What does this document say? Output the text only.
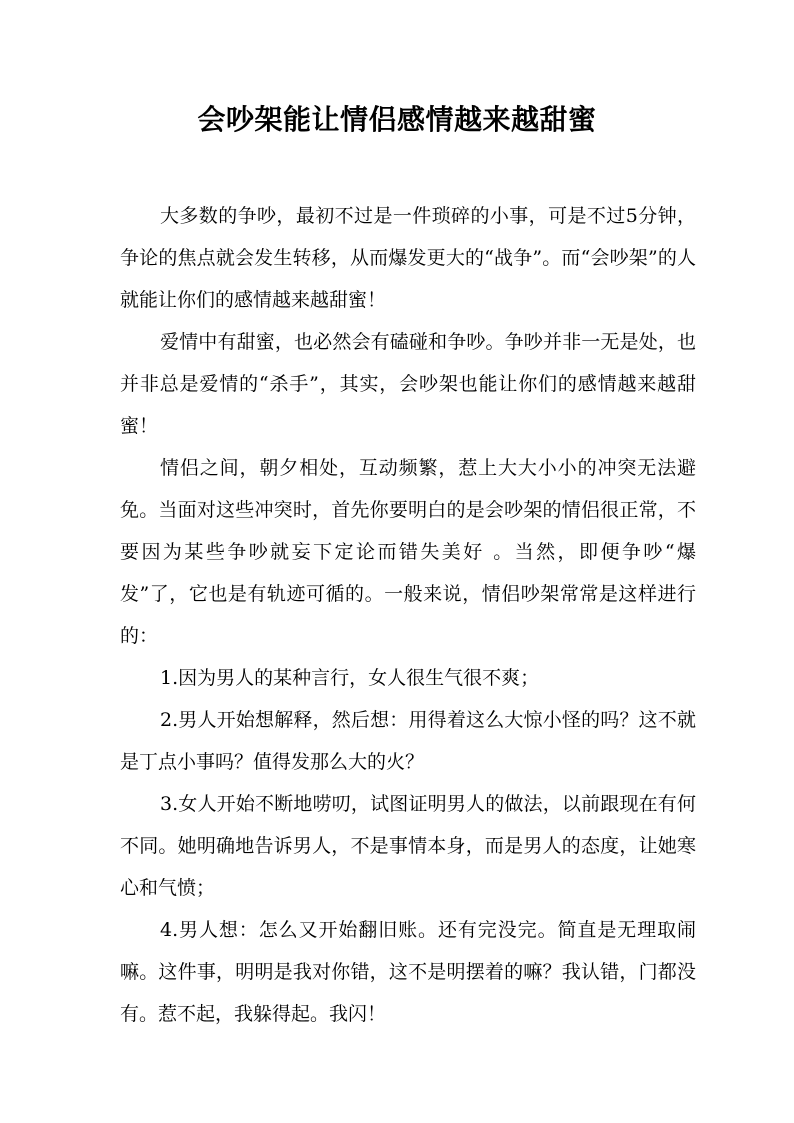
会吵架能让情侣感情越来越甜蜜

大多数的争吵，最初不过是一件琐碎的小事，可是不过5分钟，争论的焦点就会发生转移，从而爆发更大的“战争”。而“会吵架”的人就能让你们的感情越来越甜蜜！

爱情中有甜蜜，也必然会有磕碰和争吵。争吵并非一无是处，也并非总是爱情的“杀手”，其实，会吵架也能让你们的感情越来越甜蜜！

情侣之间，朝夕相处，互动频繁，惹上大大小小的冲突无法避免。当面对这些冲突时，首先你要明白的是会吵架的情侣很正常，不要因为某些争吵就妄下定论而错失美好 。当然，即便争吵“爆发”了，它也是有轨迹可循的。一般来说，情侣吵架常常是这样进行的：

1.因为男人的某种言行，女人很生气很不爽；

2.男人开始想解释，然后想：用得着这么大惊小怪的吗？这不就是丁点小事吗？值得发那么大的火？

3.女人开始不断地唠叨，试图证明男人的做法，以前跟现在有何不同。她明确地告诉男人，不是事情本身，而是男人的态度，让她寒心和气愤；

4.男人想：怎么又开始翻旧账。还有完没完。简直是无理取闹嘛。这件事，明明是我对你错，这不是明摆着的嘛？我认错，门都没有。惹不起，我躲得起。我闪！
